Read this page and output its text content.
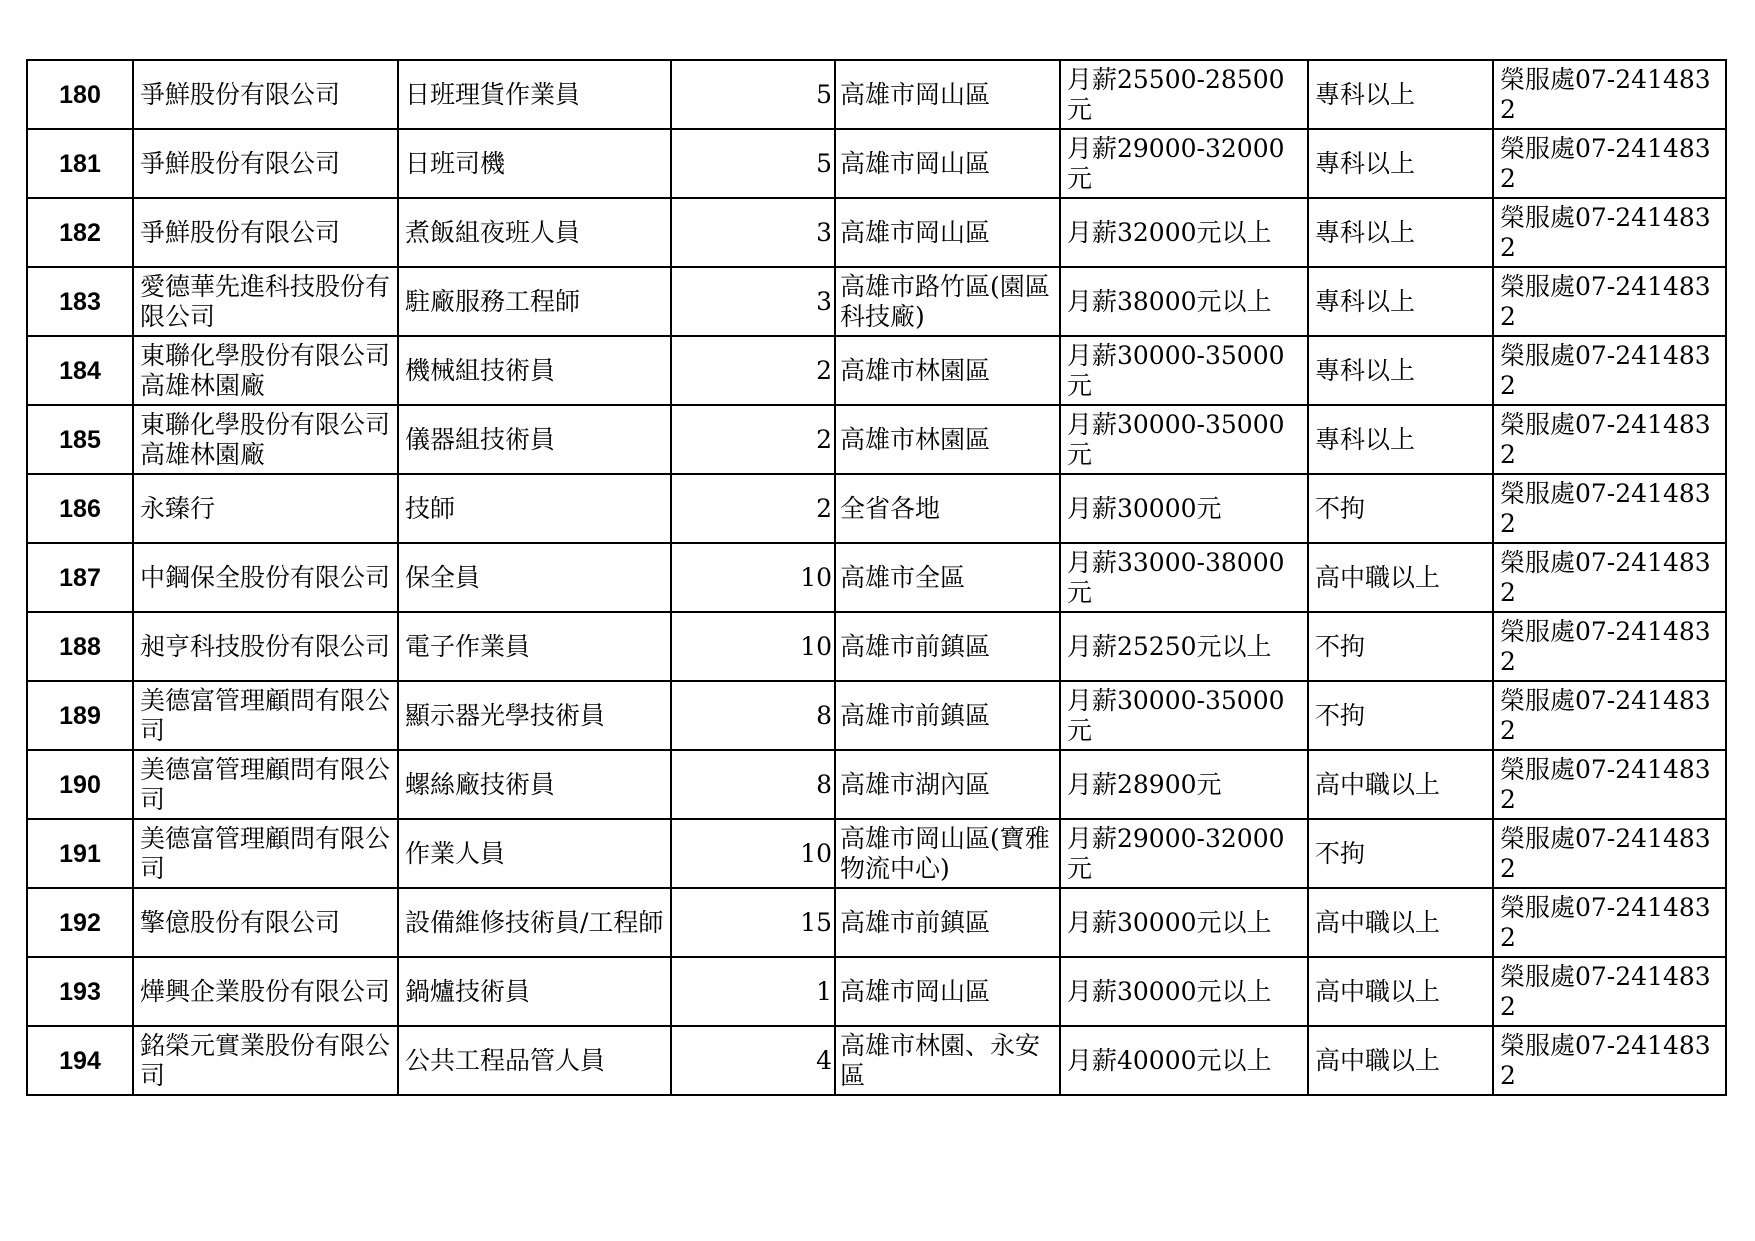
180	爭鮮股份有限公司	日班理貨作業員	5	高雄市岡山區	月薪25500-28500元	專科以上	榮服處07-2414832
181	爭鮮股份有限公司	日班司機	5	高雄市岡山區	月薪29000-32000元	專科以上	榮服處07-2414832
182	爭鮮股份有限公司	煮飯組夜班人員	3	高雄市岡山區	月薪32000元以上	專科以上	榮服處07-2414832
183	愛德華先進科技股份有限公司	駐廠服務工程師	3	高雄市路竹區(園區科技廠)	月薪38000元以上	專科以上	榮服處07-2414832
184	東聯化學股份有限公司高雄林園廠	機械組技術員	2	高雄市林園區	月薪30000-35000元	專科以上	榮服處07-2414832
185	東聯化學股份有限公司高雄林園廠	儀器組技術員	2	高雄市林園區	月薪30000-35000元	專科以上	榮服處07-2414832
186	永臻行	技師	2	全省各地	月薪30000元	不拘	榮服處07-2414832
187	中鋼保全股份有限公司	保全員	10	高雄市全區	月薪33000-38000元	高中職以上	榮服處07-2414832
188	昶亨科技股份有限公司	電子作業員	10	高雄市前鎮區	月薪25250元以上	不拘	榮服處07-2414832
189	美德富管理顧問有限公司	顯示器光學技術員	8	高雄市前鎮區	月薪30000-35000元	不拘	榮服處07-2414832
190	美德富管理顧問有限公司	螺絲廠技術員	8	高雄市湖內區	月薪28900元	高中職以上	榮服處07-2414832
191	美德富管理顧問有限公司	作業人員	10	高雄市岡山區(寶雅物流中心)	月薪29000-32000元	不拘	榮服處07-2414832
192	擎億股份有限公司	設備維修技術員/工程師	15	高雄市前鎮區	月薪30000元以上	高中職以上	榮服處07-2414832
193	燁興企業股份有限公司	鍋爐技術員	1	高雄市岡山區	月薪30000元以上	高中職以上	榮服處07-2414832
194	銘榮元實業股份有限公司	公共工程品管人員	4	高雄市林園、永安區	月薪40000元以上	高中職以上	榮服處07-2414832
